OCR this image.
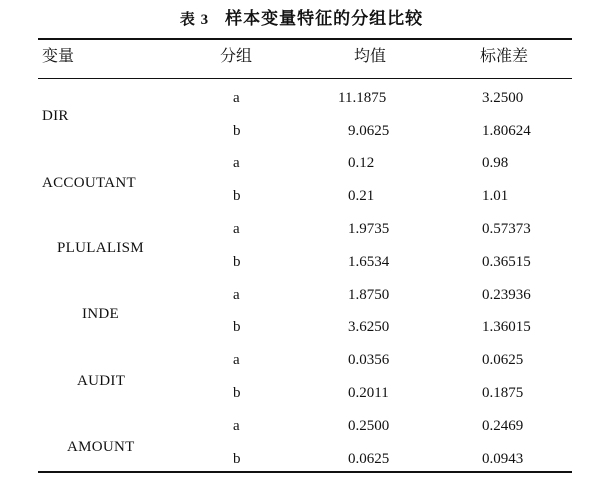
表 3 样本变量特征的分组比较
变量	分组	均值	标准差
DIR
a	11.1875	3.2500
b	9.0625	1.80624
ACCOUTANT
a	0.12	0.98
b	0.21	1.01
PLULALISM
a	1.9735	0.57373
b	1.6534	0.36515
INDE
a	1.8750	0.23936
b	3.6250	1.36015
AUDIT
a	0.0356	0.0625
b	0.2011	0.1875
AMOUNT
a	0.2500	0.2469
b	0.0625	0.0943
